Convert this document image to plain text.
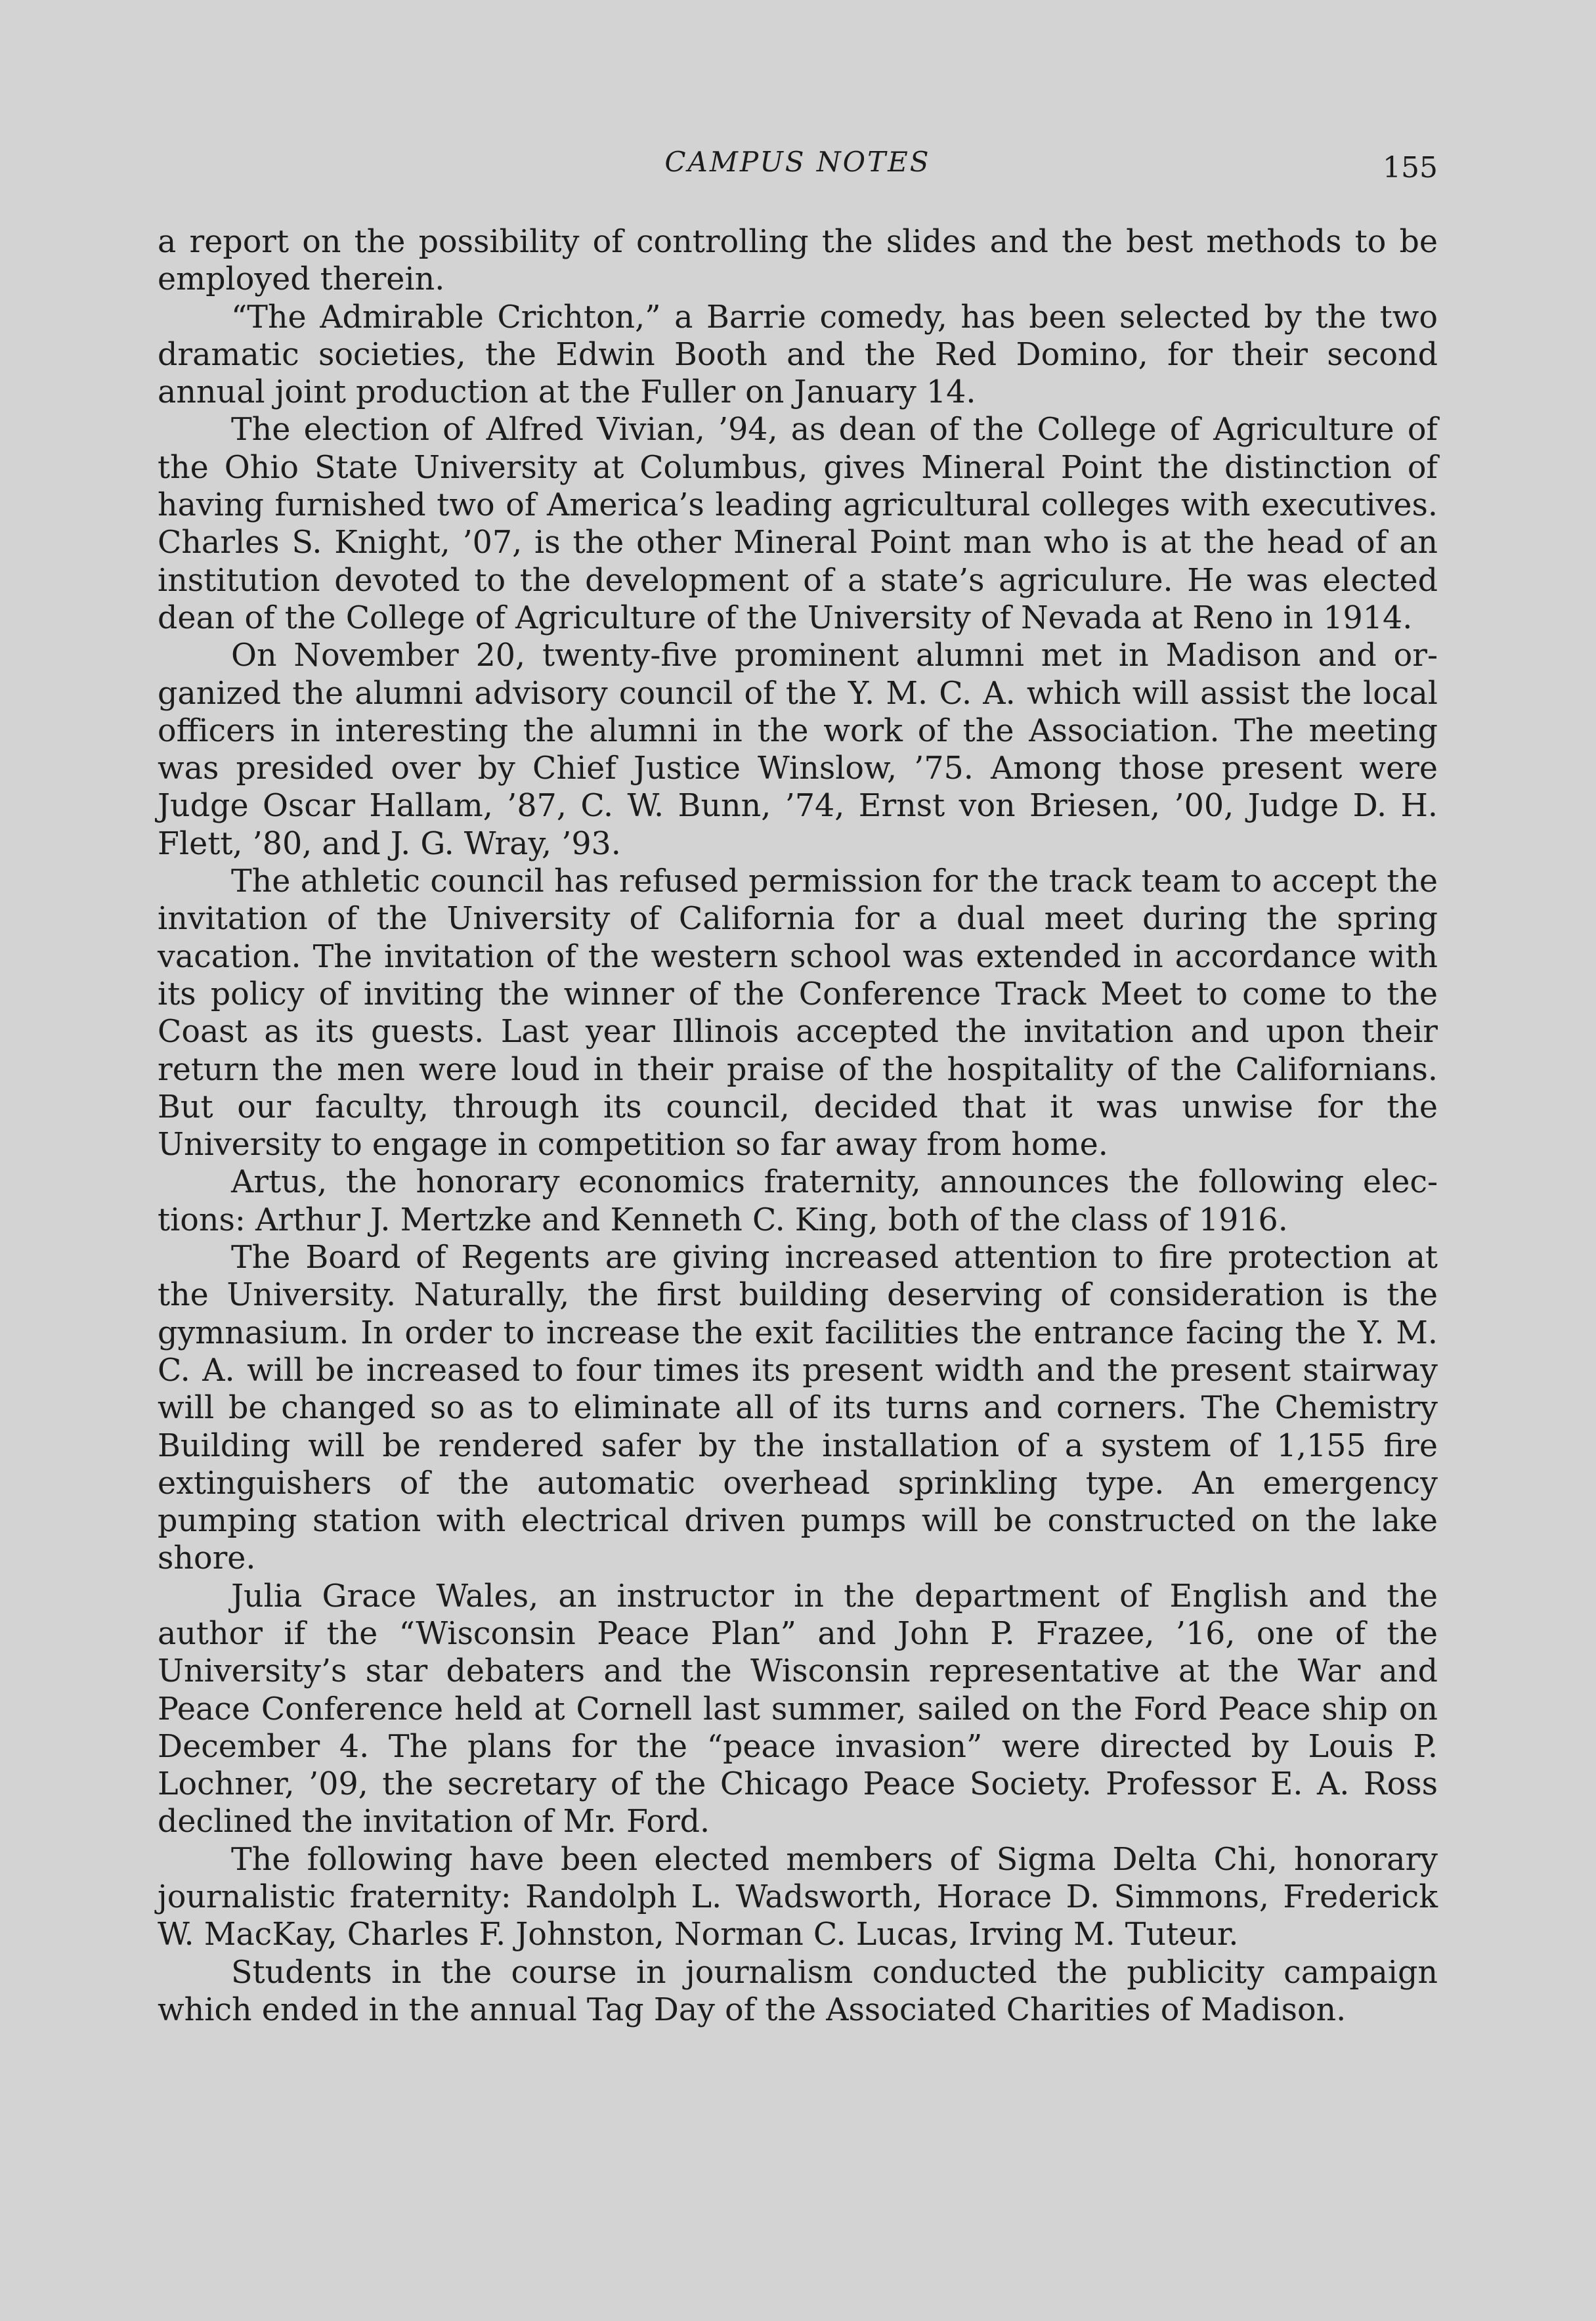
CAMPUS NOTES	155

a report on the possibility of controlling the slides and the best methods to be employed therein.

“The Admirable Crichton,” a Barrie comedy, has been selected by the two dramatic societies, the Edwin Booth and the Red Domino, for their second annual joint production at the Fuller on January 14.

The election of Alfred Vivian, ’94, as dean of the College of Agriculture of the Ohio State University at Columbus, gives Mineral Point the distinction of having furnished two of America’s leading agricultural colleges with executives. Charles S. Knight, ’07, is the other Mineral Point man who is at the head of an institution devoted to the development of a state’s agriculure. He was elected dean of the College of Agriculture of the University of Nevada at Reno in 1914.

On November 20, twenty-five prominent alumni met in Madison and organized the alumni advisory council of the Y. M. C. A. which will assist the local officers in interesting the alumni in the work of the Association. The meeting was presided over by Chief Justice Winslow, ’75. Among those present were Judge Oscar Hallam, ’87, C. W. Bunn, ’74, Ernst von Briesen, ’00, Judge D. H. Flett, ’80, and J. G. Wray, ’93.

The athletic council has refused permission for the track team to accept the invitation of the University of California for a dual meet during the spring vacation. The invitation of the western school was extended in accordance with its policy of inviting the winner of the Conference Track Meet to come to the Coast as its guests. Last year Illinois accepted the invitation and upon their return the men were loud in their praise of the hospitality of the Californians. But our faculty, through its council, decided that it was unwise for the University to engage in competition so far away from home.

Artus, the honorary economics fraternity, announces the following elections: Arthur J. Mertzke and Kenneth C. King, both of the class of 1916.

The Board of Regents are giving increased attention to fire protection at the University. Naturally, the first building deserving of consideration is the gymnasium. In order to increase the exit facilities the entrance facing the Y. M. C. A. will be increased to four times its present width and the present stairway will be changed so as to eliminate all of its turns and corners. The Chemistry Building will be rendered safer by the installation of a system of 1,155 fire extinguishers of the automatic overhead sprinkling type. An emergency pumping station with electrical driven pumps will be constructed on the lake shore.

Julia Grace Wales, an instructor in the department of English and the author if the “Wisconsin Peace Plan” and John P. Frazee, ’16, one of the University’s star debaters and the Wisconsin representative at the War and Peace Conference held at Cornell last summer, sailed on the Ford Peace ship on December 4. The plans for the “peace invasion” were directed by Louis P. Lochner, ’09, the secretary of the Chicago Peace Society. Professor E. A. Ross declined the invitation of Mr. Ford.

The following have been elected members of Sigma Delta Chi, honorary journalistic fraternity: Randolph L. Wadsworth, Horace D. Simmons, Frederick W. MacKay, Charles F. Johnston, Norman C. Lucas, Irving M. Tuteur.

Students in the course in journalism conducted the publicity campaign which ended in the annual Tag Day of the Associated Charities of Madison.
